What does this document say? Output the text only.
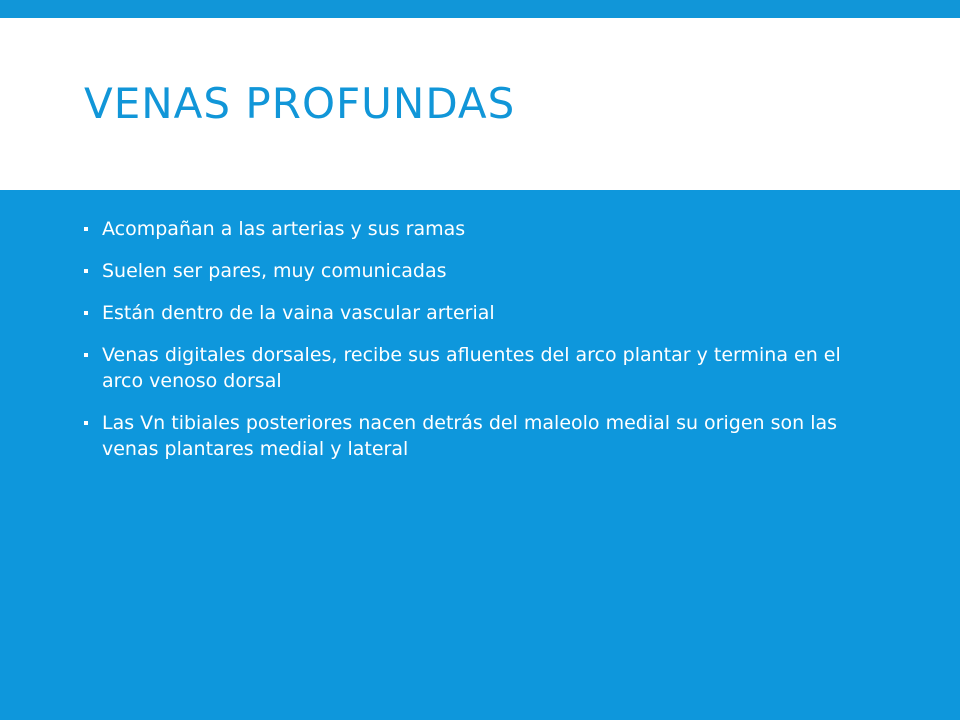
VENAS PROFUNDAS
Acompañan a las arterias y sus ramas
Suelen ser pares, muy comunicadas
Están dentro de la vaina vascular arterial
Venas digitales dorsales, recibe sus afluentes del arco plantar y termina en el arco venoso dorsal
Las Vn tibiales posteriores nacen detrás del maleolo medial su origen son las venas plantares medial y lateral
